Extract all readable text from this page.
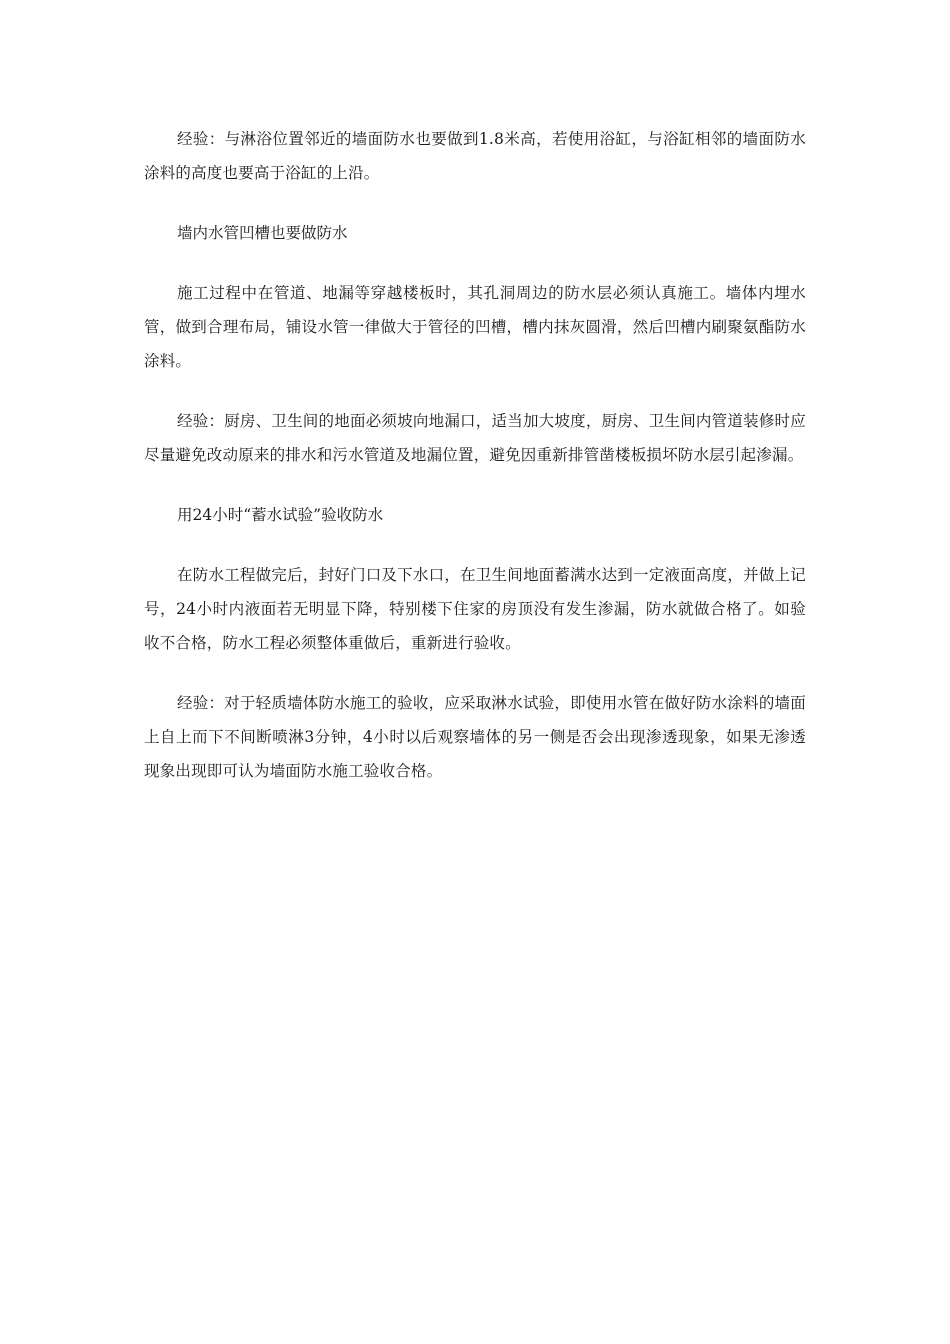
经验：与淋浴位置邻近的墙面防水也要做到1.8米高，若使用浴缸，与浴缸相邻的墙面防水涂料的高度也要高于浴缸的上沿。

墙内水管凹槽也要做防水

施工过程中在管道、地漏等穿越楼板时，其孔洞周边的防水层必须认真施工。墙体内埋水管，做到合理布局，铺设水管一律做大于管径的凹槽，槽内抹灰圆滑，然后凹槽内刷聚氨酯防水涂料。

经验：厨房、卫生间的地面必须坡向地漏口，适当加大坡度，厨房、卫生间内管道装修时应尽量避免改动原来的排水和污水管道及地漏位置，避免因重新排管凿楼板损坏防水层引起渗漏。

用24小时“蓄水试验”验收防水

在防水工程做完后，封好门口及下水口，在卫生间地面蓄满水达到一定液面高度，并做上记号，24小时内液面若无明显下降，特别楼下住家的房顶没有发生渗漏，防水就做合格了。如验收不合格，防水工程必须整体重做后，重新进行验收。

经验：对于轻质墙体防水施工的验收，应采取淋水试验，即使用水管在做好防水涂料的墙面上自上而下不间断喷淋3分钟，4小时以后观察墙体的另一侧是否会出现渗透现象，如果无渗透现象出现即可认为墙面防水施工验收合格。
